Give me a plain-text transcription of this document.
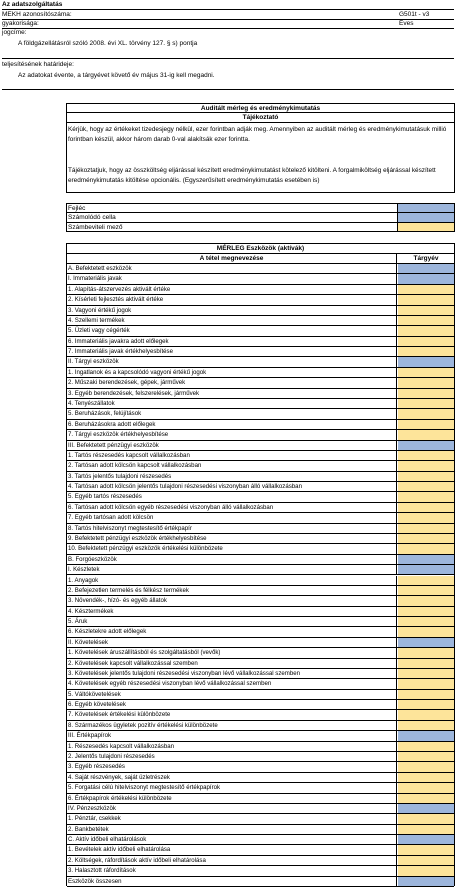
Az adatszolgáltatás
MEKH azonosítószáma:	G501t - v3
gyakorisága:	Éves
jogcíme:
A földgázellátásról szóló 2008. évi XL. törvény 127. § s) pontja
teljesítésének határideje:
Az adatokat évente, a tárgyévet követő év május 31-ig kell megadni.
Auditált mérleg és eredménykimutatás
Tájékoztató
Kérjük, hogy az értékeket tizedesjegy nélkül, ezer forintban adják meg. Amennyiben az auditált mérleg és eredménykimutatásuk millió forintban készül, akkor három darab 0-val alakítsák ezer forintta.
Tájékoztatjuk, hogy az összköltség eljárással készített eredménykimutatást kötelező kitölteni. A forgalmiköltség eljárással készített eredménykimutatás kitöltése opcionális. (Egyszerűsített eredménykimutatás esetében is)
Fejléc
Számolódó cella
Számbeviteli mező
MÉRLEG Eszközök (aktívák)
A tétel megnevezése	Tárgyév
A. Befektetett eszközök
I. Immateriális javak
1. Alapítás-átszervezés aktivált értéke
2. Kísérleti fejlesztés aktivált értéke
3. Vagyoni értékű jogok
4. Szellemi termékek
5. Üzleti vagy cégérték
6. Immateriális javakra adott előlegek
7. Immateriális javak értékhelyesbítése
II. Tárgyi eszközök
1. Ingatlanok és a kapcsolódó vagyoni értékű jogok
2. Műszaki berendezések, gépek, járművek
3. Egyéb berendezések, felszerelések, járművek
4. Tenyészállatok
5. Beruházások, felújítások
6. Beruházásokra adott előlegek
7. Tárgyi eszközök értékhelyesbítése
III. Befektetett pénzügyi eszközök
1. Tartós részesedés kapcsolt vállalkozásban
2. Tartósan adott kölcsön kapcsolt vállalkozásban
3. Tartós jelentős tulajdoni részesedés
4. Tartósan adott kölcsön jelentős tulajdoni részesedési viszonyban álló vállalkozásban
5. Egyéb tartós részesedés
6. Tartósan adott kölcsön egyéb részesedési viszonyban álló vállalkozásban
7. Egyéb tartósan adott kölcsön
8. Tartós hitelviszonyt megtestesítő értékpapír
9. Befektetett pénzügyi eszközök értékhelyesbítése
10. Befektetett pénzügyi eszközök értékelési különbözete
B. Forgóeszközök
I. Készletek
1. Anyagok
2. Befejezetlen termelés és félkész termékek
3. Növendék-, hízó- és egyéb állatok
4. Késztermékek
5. Áruk
6. Készletekre adott előlegek
II. Követelések
1. Követelések áruszállításból és szolgáltatásból (vevők)
2. Követelések kapcsolt vállalkozással szemben
3. Követelések jelentős tulajdoni részesedési viszonyban lévő vállalkozással szemben
4. Követelések egyéb részesedési viszonyban lévő vállalkozással szemben
5. Váltókövetelések
6. Egyéb követelések
7. Követelések értékelési különbözete
8. Származékos ügyletek pozitív értékelési különbözete
III. Értékpapírok
1. Részesedés kapcsolt vállalkozásban
2. Jelentős tulajdoni részesedés
3. Egyéb részesedés
4. Saját részvények, saját üzletrészek
5. Forgatási célú hitelviszonyt megtestesítő értékpapírok
6. Értékpapírok értékelési különbözete
IV. Pénzeszközök
1. Pénztár, csekkek
2. Bankbetétek
C. Aktív időbeli elhatárolások
1. Bevételek aktív időbeli elhatárolása
2. Költségek, ráfordítások aktív időbeli elhatárolása
3. Halasztott ráfordítások
Eszközök összesen
